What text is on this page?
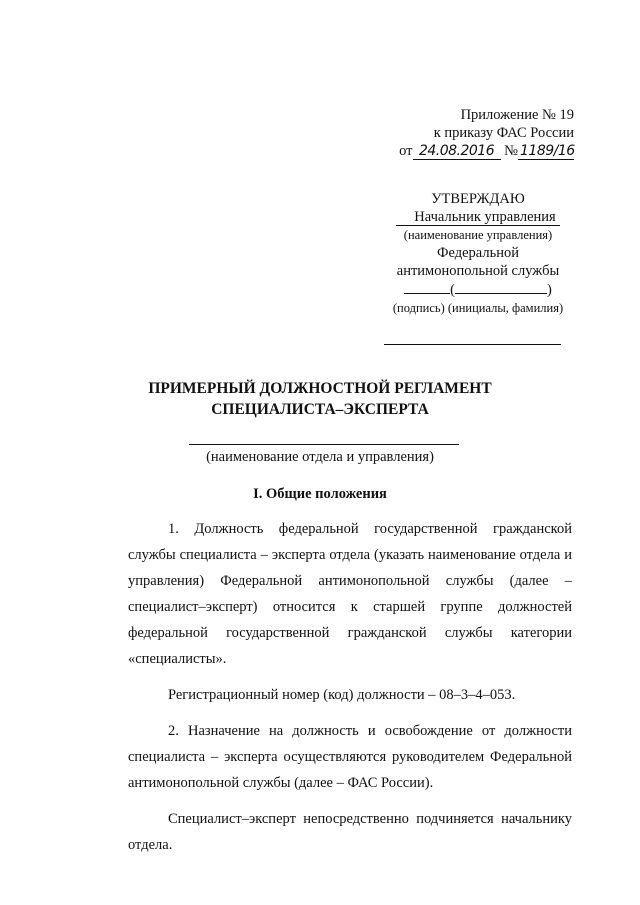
Приложение № 19
к приказу ФАС России
от 24.08.2016 № 1189/16
УТВЕРЖДАЮ
Начальник управления
(наименование управления)
Федеральной
антимонопольной службы
(	)
(подпись) (инициалы, фамилия)
ПРИМЕРНЫЙ ДОЛЖНОСТНОЙ РЕГЛАМЕНТ
СПЕЦИАЛИСТА–ЭКСПЕРТА
(наименование отдела и управления)
I. Общие положения

1. Должность федеральной государственной гражданской службы специалиста – эксперта отдела (указать наименование отдела и управления) Федеральной антимонопольной службы (далее – специалист–эксперт) относится к старшей группе должностей федеральной государственной гражданской службы категории «специалисты».

Регистрационный номер (код) должности – 08–3–4–053.

2. Назначение на должность и освобождение от должности специалиста – эксперта осуществляются руководителем Федеральной антимонопольной службы (далее – ФАС России).

Специалист–эксперт непосредственно подчиняется начальнику отдела.
